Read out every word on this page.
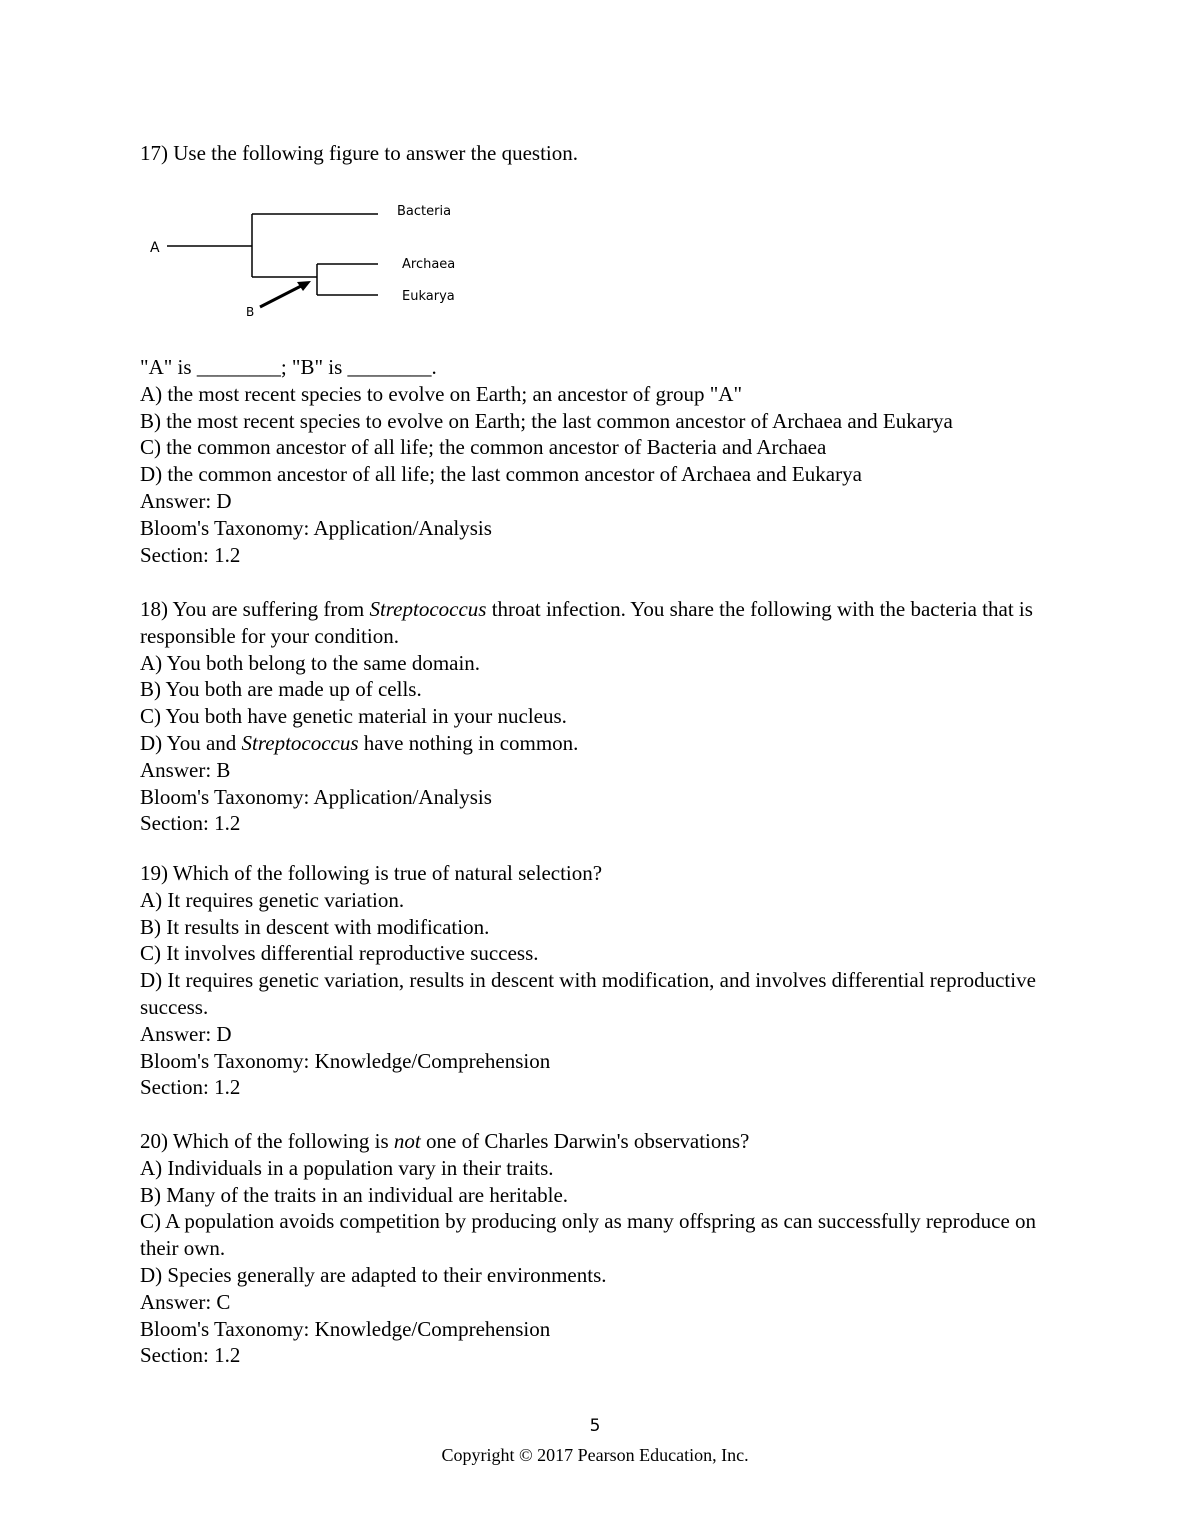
17) Use the following figure to answer the question.
A
B
Bacteria
Archaea
Eukarya
"A" is ________; "B" is ________.
A) the most recent species to evolve on Earth; an ancestor of group "A"
B) the most recent species to evolve on Earth; the last common ancestor of Archaea and Eukarya
C) the common ancestor of all life; the common ancestor of Bacteria and Archaea
D) the common ancestor of all life; the last common ancestor of Archaea and Eukarya
Answer: D
Bloom's Taxonomy: Application/Analysis
Section: 1.2
18) You are suffering from Streptococcus throat infection. You share the following with the bacteria that is responsible for your condition.
A) You both belong to the same domain.
B) You both are made up of cells.
C) You both have genetic material in your nucleus.
D) You and Streptococcus have nothing in common.
Answer: B
Bloom's Taxonomy: Application/Analysis
Section: 1.2
19) Which of the following is true of natural selection?
A) It requires genetic variation.
B) It results in descent with modification.
C) It involves differential reproductive success.
D) It requires genetic variation, results in descent with modification, and involves differential reproductive success.
Answer: D
Bloom's Taxonomy: Knowledge/Comprehension
Section: 1.2
20) Which of the following is not one of Charles Darwin's observations?
A) Individuals in a population vary in their traits.
B) Many of the traits in an individual are heritable.
C) A population avoids competition by producing only as many offspring as can successfully reproduce on their own.
D) Species generally are adapted to their environments.
Answer: C
Bloom's Taxonomy: Knowledge/Comprehension
Section: 1.2
5
Copyright © 2017 Pearson Education, Inc.
